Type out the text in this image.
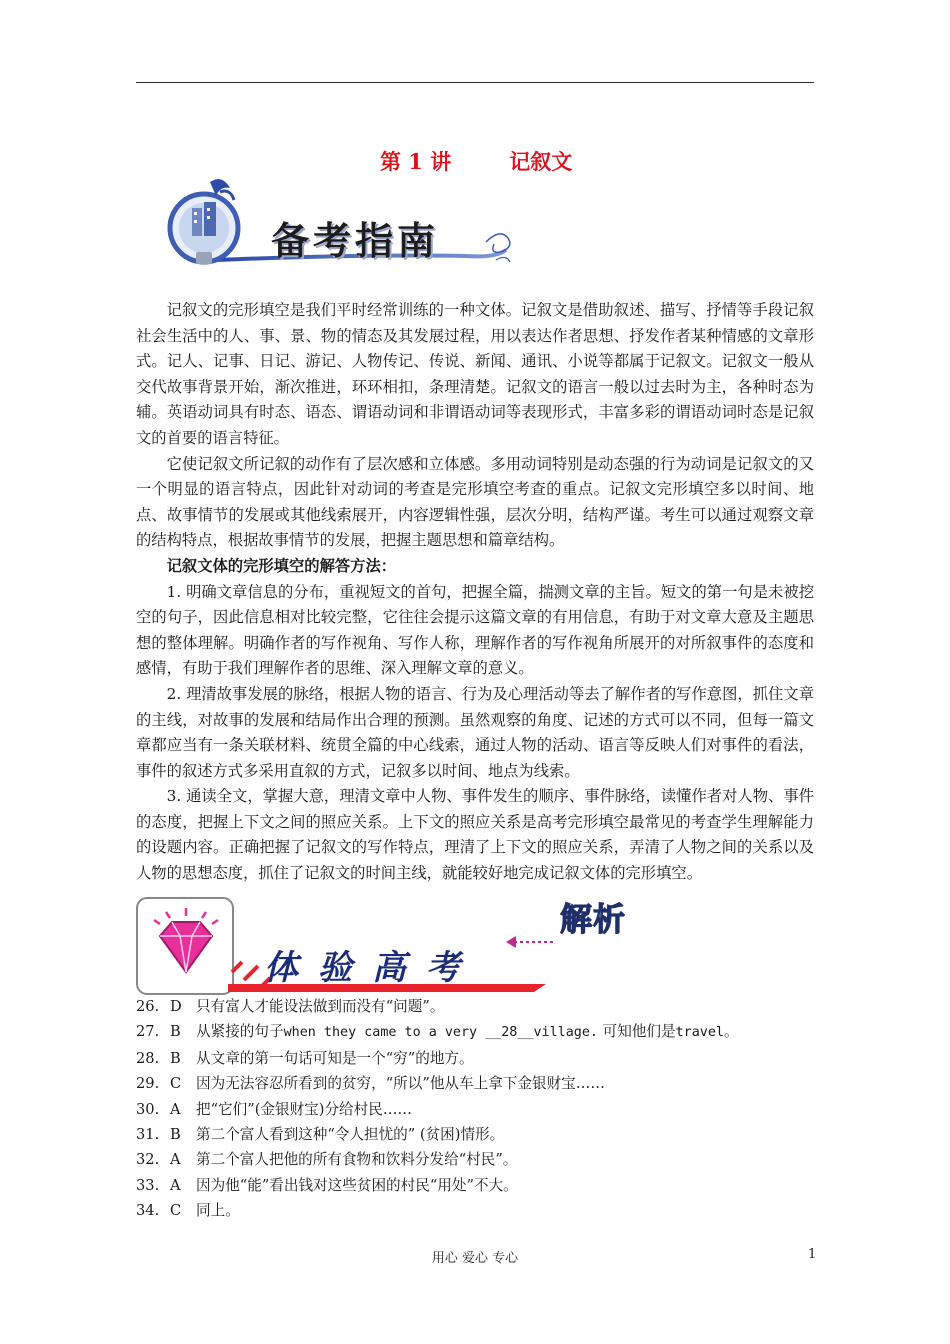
第 1 讲	记叙文
备考指南

记叙文的完形填空是我们平时经常训练的一种文体。记叙文是借助叙述、描写、抒情等手段记叙社会生活中的人、事、景、物的情态及其发展过程，用以表达作者思想、抒发作者某种情感的文章形式。记人、记事、日记、游记、人物传记、传说、新闻、通讯、小说等都属于记叙文。记叙文一般从交代故事背景开始，渐次推进，环环相扣，条理清楚。记叙文的语言一般以过去时为主，各种时态为辅。英语动词具有时态、语态、谓语动词和非谓语动词等表现形式，丰富多彩的谓语动词时态是记叙文的首要的语言特征。

它使记叙文所记叙的动作有了层次感和立体感。多用动词特别是动态强的行为动词是记叙文的又一个明显的语言特点，因此针对动词的考查是完形填空考查的重点。记叙文完形填空多以时间、地点、故事情节的发展或其他线索展开，内容逻辑性强，层次分明，结构严谨。考生可以通过观察文章的结构特点，根据故事情节的发展，把握主题思想和篇章结构。

记叙文体的完形填空的解答方法：

1. 明确文章信息的分布，重视短文的首句，把握全篇，揣测文章的主旨。短文的第一句是未被挖空的句子，因此信息相对比较完整，它往往会提示这篇文章的有用信息，有助于对文章大意及主题思想的整体理解。明确作者的写作视角、写作人称，理解作者的写作视角所展开的对所叙事件的态度和感情，有助于我们理解作者的思维、深入理解文章的意义。

2. 理清故事发展的脉络，根据人物的语言、行为及心理活动等去了解作者的写作意图，抓住文章的主线，对故事的发展和结局作出合理的预测。虽然观察的角度、记述的方式可以不同，但每一篇文章都应当有一条关联材料、统贯全篇的中心线索，通过人物的活动、语言等反映人们对事件的看法，事件的叙述方式多采用直叙的方式，记叙多以时间、地点为线索。

3. 通读全文，掌握大意，理清文章中人物、事件发生的顺序、事件脉络，读懂作者对人物、事件的态度，把握上下文之间的照应关系。上下文的照应关系是高考完形填空最常见的考查学生理解能力的设题内容。正确把握了记叙文的写作特点，理清了上下文的照应关系，弄清了人物之间的关系以及人物的思想态度，抓住了记叙文的时间主线，就能较好地完成记叙文体的完形填空。

解析
体验高考
26. D 只有富人才能设法做到而没有“问题”。
27. B	从紧接的句子when they came to a very __28__village. 可知他们是travel。
28. B	从文章的第一句话可知是一个“穷”的地方。
29. C	因为无法容忍所看到的贫穷，“所以”他从车上拿下金银财宝……
30. A	把“它们”(金银财宝)分给村民……
31. B	第二个富人看到这种“令人担忧的” (贫困)情形。
32. A	第二个富人把他的所有食物和饮料分发给“村民”。
33. A	因为他“能”看出钱对这些贫困的村民“用处”不大。
34. C	同上。
用心 爱心 专心	1
